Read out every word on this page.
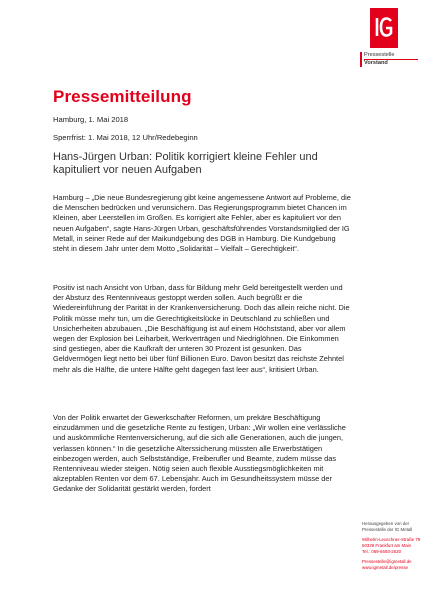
Pressestelle
Vorstand
Pressemitteilung

Hamburg, 1. Mai 2018

Sperrfrist: 1. Mai 2018, 12 Uhr/Redebeginn

Hans-Jürgen Urban: Politik korrigiert kleine Fehler und kapituliert vor neuen Aufgaben

Hamburg – „Die neue Bundesregierung gibt keine angemessene Antwort auf Probleme, die die Menschen bedrücken und verunsichern. Das Regierungsprogramm bietet Chancen im Kleinen, aber Leerstellen im Großen. Es korrigiert alte Fehler, aber es kapituliert vor den neuen Aufgaben“, sagte Hans-Jürgen Urban, geschäftsführendes Vorstandsmitglied der IG Metall, in seiner Rede auf der Maikundgebung des DGB in Hamburg. Die Kundgebung steht in diesem Jahr unter dem Motto „Solidarität – Vielfalt – Gerechtigkeit“.

Positiv ist nach Ansicht von Urban, dass für Bildung mehr Geld bereitgestellt werden und der Absturz des Rentenniveaus gestoppt werden sollen. Auch begrüßt er die Wiedereinführung der Parität in der Krankenversicherung. Doch das allein reiche nicht. Die Politik müsse mehr tun, um die Gerechtigkeitslücke in Deutschland zu schließen und Unsicherheiten abzubauen. „Die Beschäftigung ist auf einem Höchststand, aber vor allem wegen der Explosion bei Leiharbeit, Werkverträgen und Niedriglöhnen. Die Einkommen sind gestiegen, aber die Kaufkraft der unteren 30 Prozent ist gesunken. Das Geldvermögen liegt netto bei über fünf Billionen Euro. Davon besitzt das reichste Zehntel mehr als die Hälfte, die untere Hälfte geht dagegen fast leer aus“, kritisiert Urban.

Von der Politik erwartet der Gewerkschafter Reformen, um prekäre Beschäftigung einzudämmen und die gesetzliche Rente zu festigen, Urban: „Wir wollen eine verlässliche und auskömmliche Rentenversicherung, auf die sich alle Generationen, auch die jungen, verlassen können.“ In die gesetzliche Alterssicherung müssten alle Erwerbstätigen einbezogen werden, auch Selbstständige, Freiberufler und Beamte, zudem müsse das Rentenniveau wieder steigen. Nötig seien auch flexible Ausstiegsmöglichkeiten mit akzeptablen Renten vor dem 67. Lebensjahr. Auch im Gesundheitssystem müsse der Gedanke der Solidarität gestärkt werden, fordert

Herausgegeben von der
Pressestelle der IG Metall
Wilhelm-Leuschner-Straße 79
60329 Frankfurt am Main
Tel.: 069-6693-2630
Pressestelle@igmetall.de
www.igmetall.de/presse
